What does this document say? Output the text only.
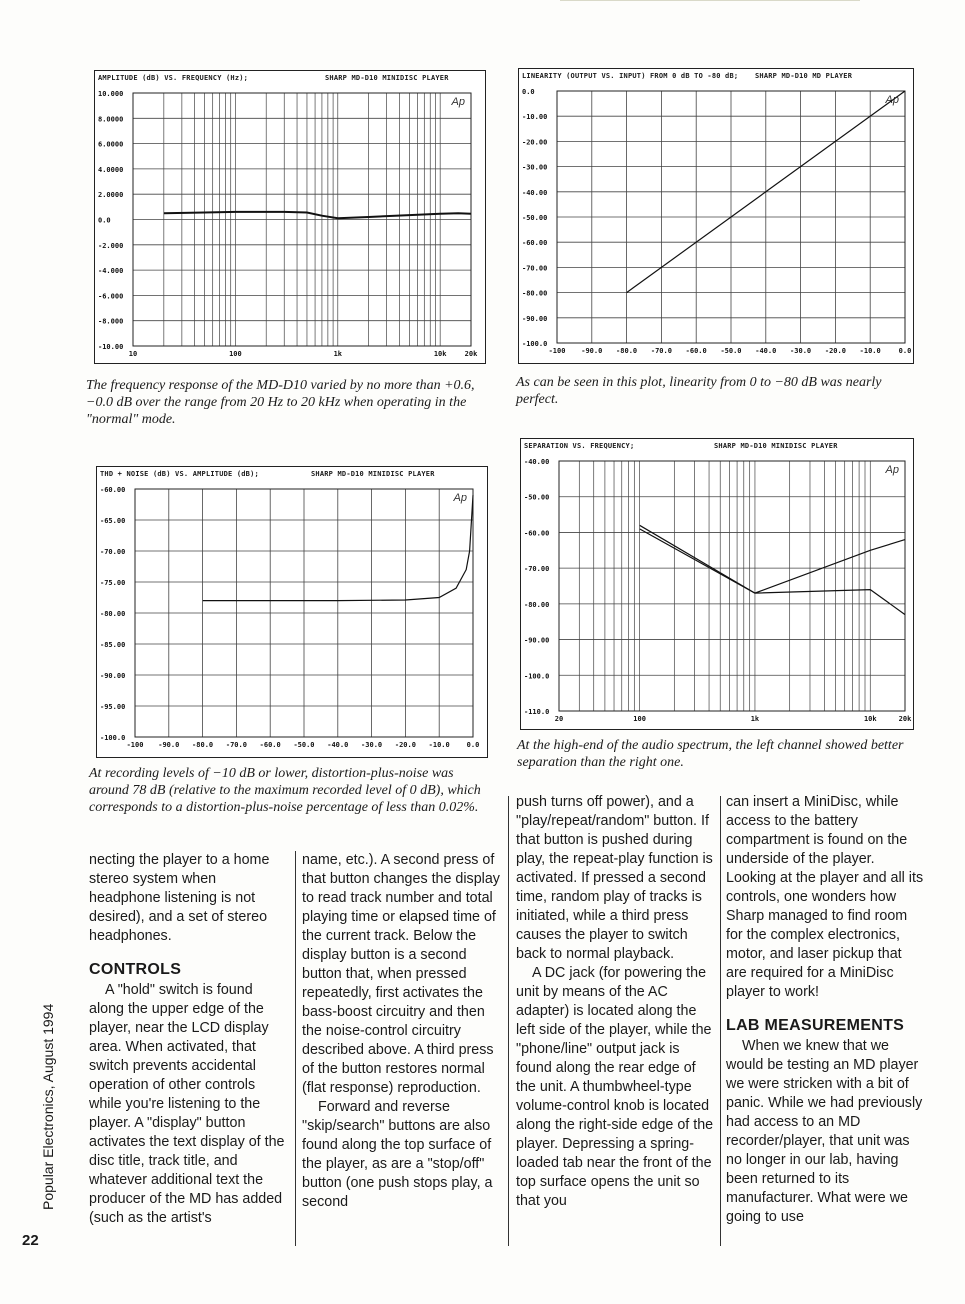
AMPLITUDE (dB) VS. FREQUENCY (Hz);	SHARP MD-D10 MINIDISC PLAYER
10.000
8.0000
6.0000
4.0000
2.0000
0.0
-2.000
-4.000
-6.000
-8.000
-10.00
10	100	1k	10k	20k
Ap
LINEARITY (OUTPUT VS. INPUT) FROM 0 dB TO -80 dB; SHARP MD-D10 MD PLAYER
0.0
-10.00
-20.00
-30.00
-40.00
-50.00
-60.00
-70.00
-80.00
-90.00
-100.0
-100 -90.0 -80.0 -70.0 -60.0 -50.0 -40.0 -30.0 -20.0 -10.0	0.0
Ap
THD + NOISE (dB) VS. AMPLITUDE (dB);	SHARP MD-D10 MINIDISC PLAYER
-60.00
-65.00
-70.00
-75.00
-80.00
-85.00
-90.00
-95.00
-100.0
-100 -90.0 -80.0 -70.0 -60.0 -50.0 -40.0 -30.0 -20.0 -10.0 0.0
Ap
SEPARATION VS. FREQUENCY;	SHARP MD-D10 MINIDISC PLAYER
-40.00
-50.00
-60.00
-70.00
-80.00
-90.00
-100.0
-110.0
20	100	1k	10k	20k
Ap
The frequency response of the MD-D10 varied by no more than +0.6, −0.0 dB over the range from 20 Hz to 20 kHz when operating in the "normal" mode.
As can be seen in this plot, linearity from 0 to −80 dB was nearly perfect.
At recording levels of −10 dB or lower, distortion-plus-noise was around 78 dB (relative to the maximum recorded level of 0 dB), which corresponds to a distortion-plus-noise percentage of less than 0.02%.
At the high-end of the audio spectrum, the left channel showed better separation than the right one.

necting the player to a home stereo system when headphone listening is not desired), and a set of stereo headphones.

CONTROLS

A "hold" switch is found along the upper edge of the player, near the LCD display area. When activated, that switch prevents accidental operation of other controls while you're listening to the player. A "display" button activates the text display of the disc title, track title, and whatever additional text the producer of the MD has added (such as the artist's

name, etc.). A second press of that button changes the display to read track number and total playing time or elapsed time of the current track. Below the display button is a second button that, when pressed repeatedly, first activates the bass-boost circuitry and then the noise-control circuitry described above. A third press of the button restores normal (flat response) reproduction.

Forward and reverse "skip/search" buttons are also found along the top surface of the player, as are a "stop/off" button (one push stops play, a second

push turns off power), and a "play/repeat/random" button. If that button is pushed during play, the repeat-play function is activated. If pressed a second time, random play of tracks is initiated, while a third press causes the player to switch back to normal playback.

A DC jack (for powering the unit by means of the AC adapter) is located along the left side of the player, while the "phone/line" output jack is found along the rear edge of the unit. A thumbwheel-type volume-control knob is located along the right-side edge of the player. Depressing a spring-loaded tab near the front of the top surface opens the unit so that you

can insert a MiniDisc, while access to the battery compartment is found on the underside of the player. Looking at the player and all its controls, one wonders how Sharp managed to find room for the complex electronics, motor, and laser pickup that are required for a MiniDisc player to work!

LAB MEASUREMENTS

When we knew that we would be testing an MD player we were stricken with a bit of panic. While we had previously had access to an MD recorder/player, that unit was no longer in our lab, having been returned to its manufacturer. What were we going to use

Popular Electronics, August 1994
22
